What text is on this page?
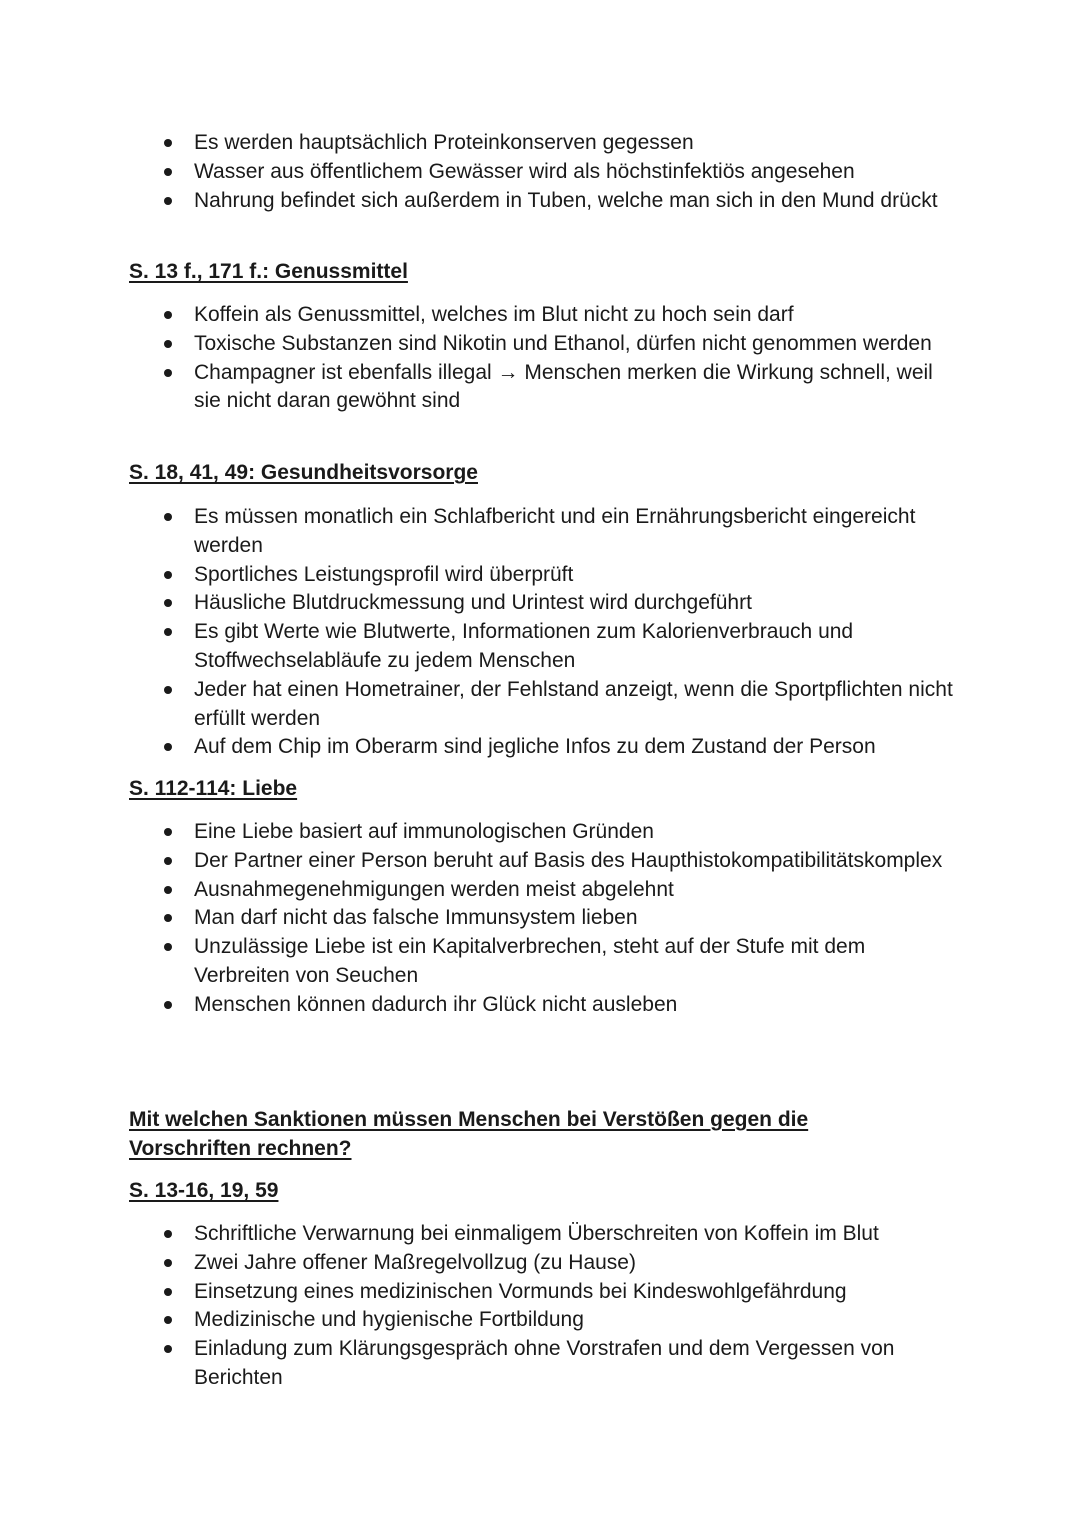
Es werden hauptsächlich Proteinkonserven gegessen
Wasser aus öffentlichem Gewässer wird als höchstinfektiös angesehen
Nahrung befindet sich außerdem in Tuben, welche man sich in den Mund drückt
S. 13 f., 171 f.: Genussmittel
Koffein als Genussmittel, welches im Blut nicht zu hoch sein darf
Toxische Substanzen sind Nikotin und Ethanol, dürfen nicht genommen werden
Champagner ist ebenfalls illegal → Menschen merken die Wirkung schnell, weil sie nicht daran gewöhnt sind
S. 18, 41, 49: Gesundheitsvorsorge
Es müssen monatlich ein Schlafbericht und ein Ernährungsbericht eingereicht werden
Sportliches Leistungsprofil wird überprüft
Häusliche Blutdruckmessung und Urintest wird durchgeführt
Es gibt Werte wie Blutwerte, Informationen zum Kalorienverbrauch und Stoffwechselabläufe zu jedem Menschen
Jeder hat einen Hometrainer, der Fehlstand anzeigt, wenn die Sportpflichten nicht erfüllt werden
Auf dem Chip im Oberarm sind jegliche Infos zu dem Zustand der Person
S. 112-114: Liebe
Eine Liebe basiert auf immunologischen Gründen
Der Partner einer Person beruht auf Basis des Haupthistokompatibilitätskomplex
Ausnahmegenehmigungen werden meist abgelehnt
Man darf nicht das falsche Immunsystem lieben
Unzulässige Liebe ist ein Kapitalverbrechen, steht auf der Stufe mit dem Verbreiten von Seuchen
Menschen können dadurch ihr Glück nicht ausleben
Mit welchen Sanktionen müssen Menschen bei Verstößen gegen die Vorschriften rechnen?
S. 13-16, 19, 59
Schriftliche Verwarnung bei einmaligem Überschreiten von Koffein im Blut
Zwei Jahre offener Maßregelvollzug (zu Hause)
Einsetzung eines medizinischen Vormunds bei Kindeswohlgefährdung
Medizinische und hygienische Fortbildung
Einladung zum Klärungsgespräch ohne Vorstrafen und dem Vergessen von Berichten
